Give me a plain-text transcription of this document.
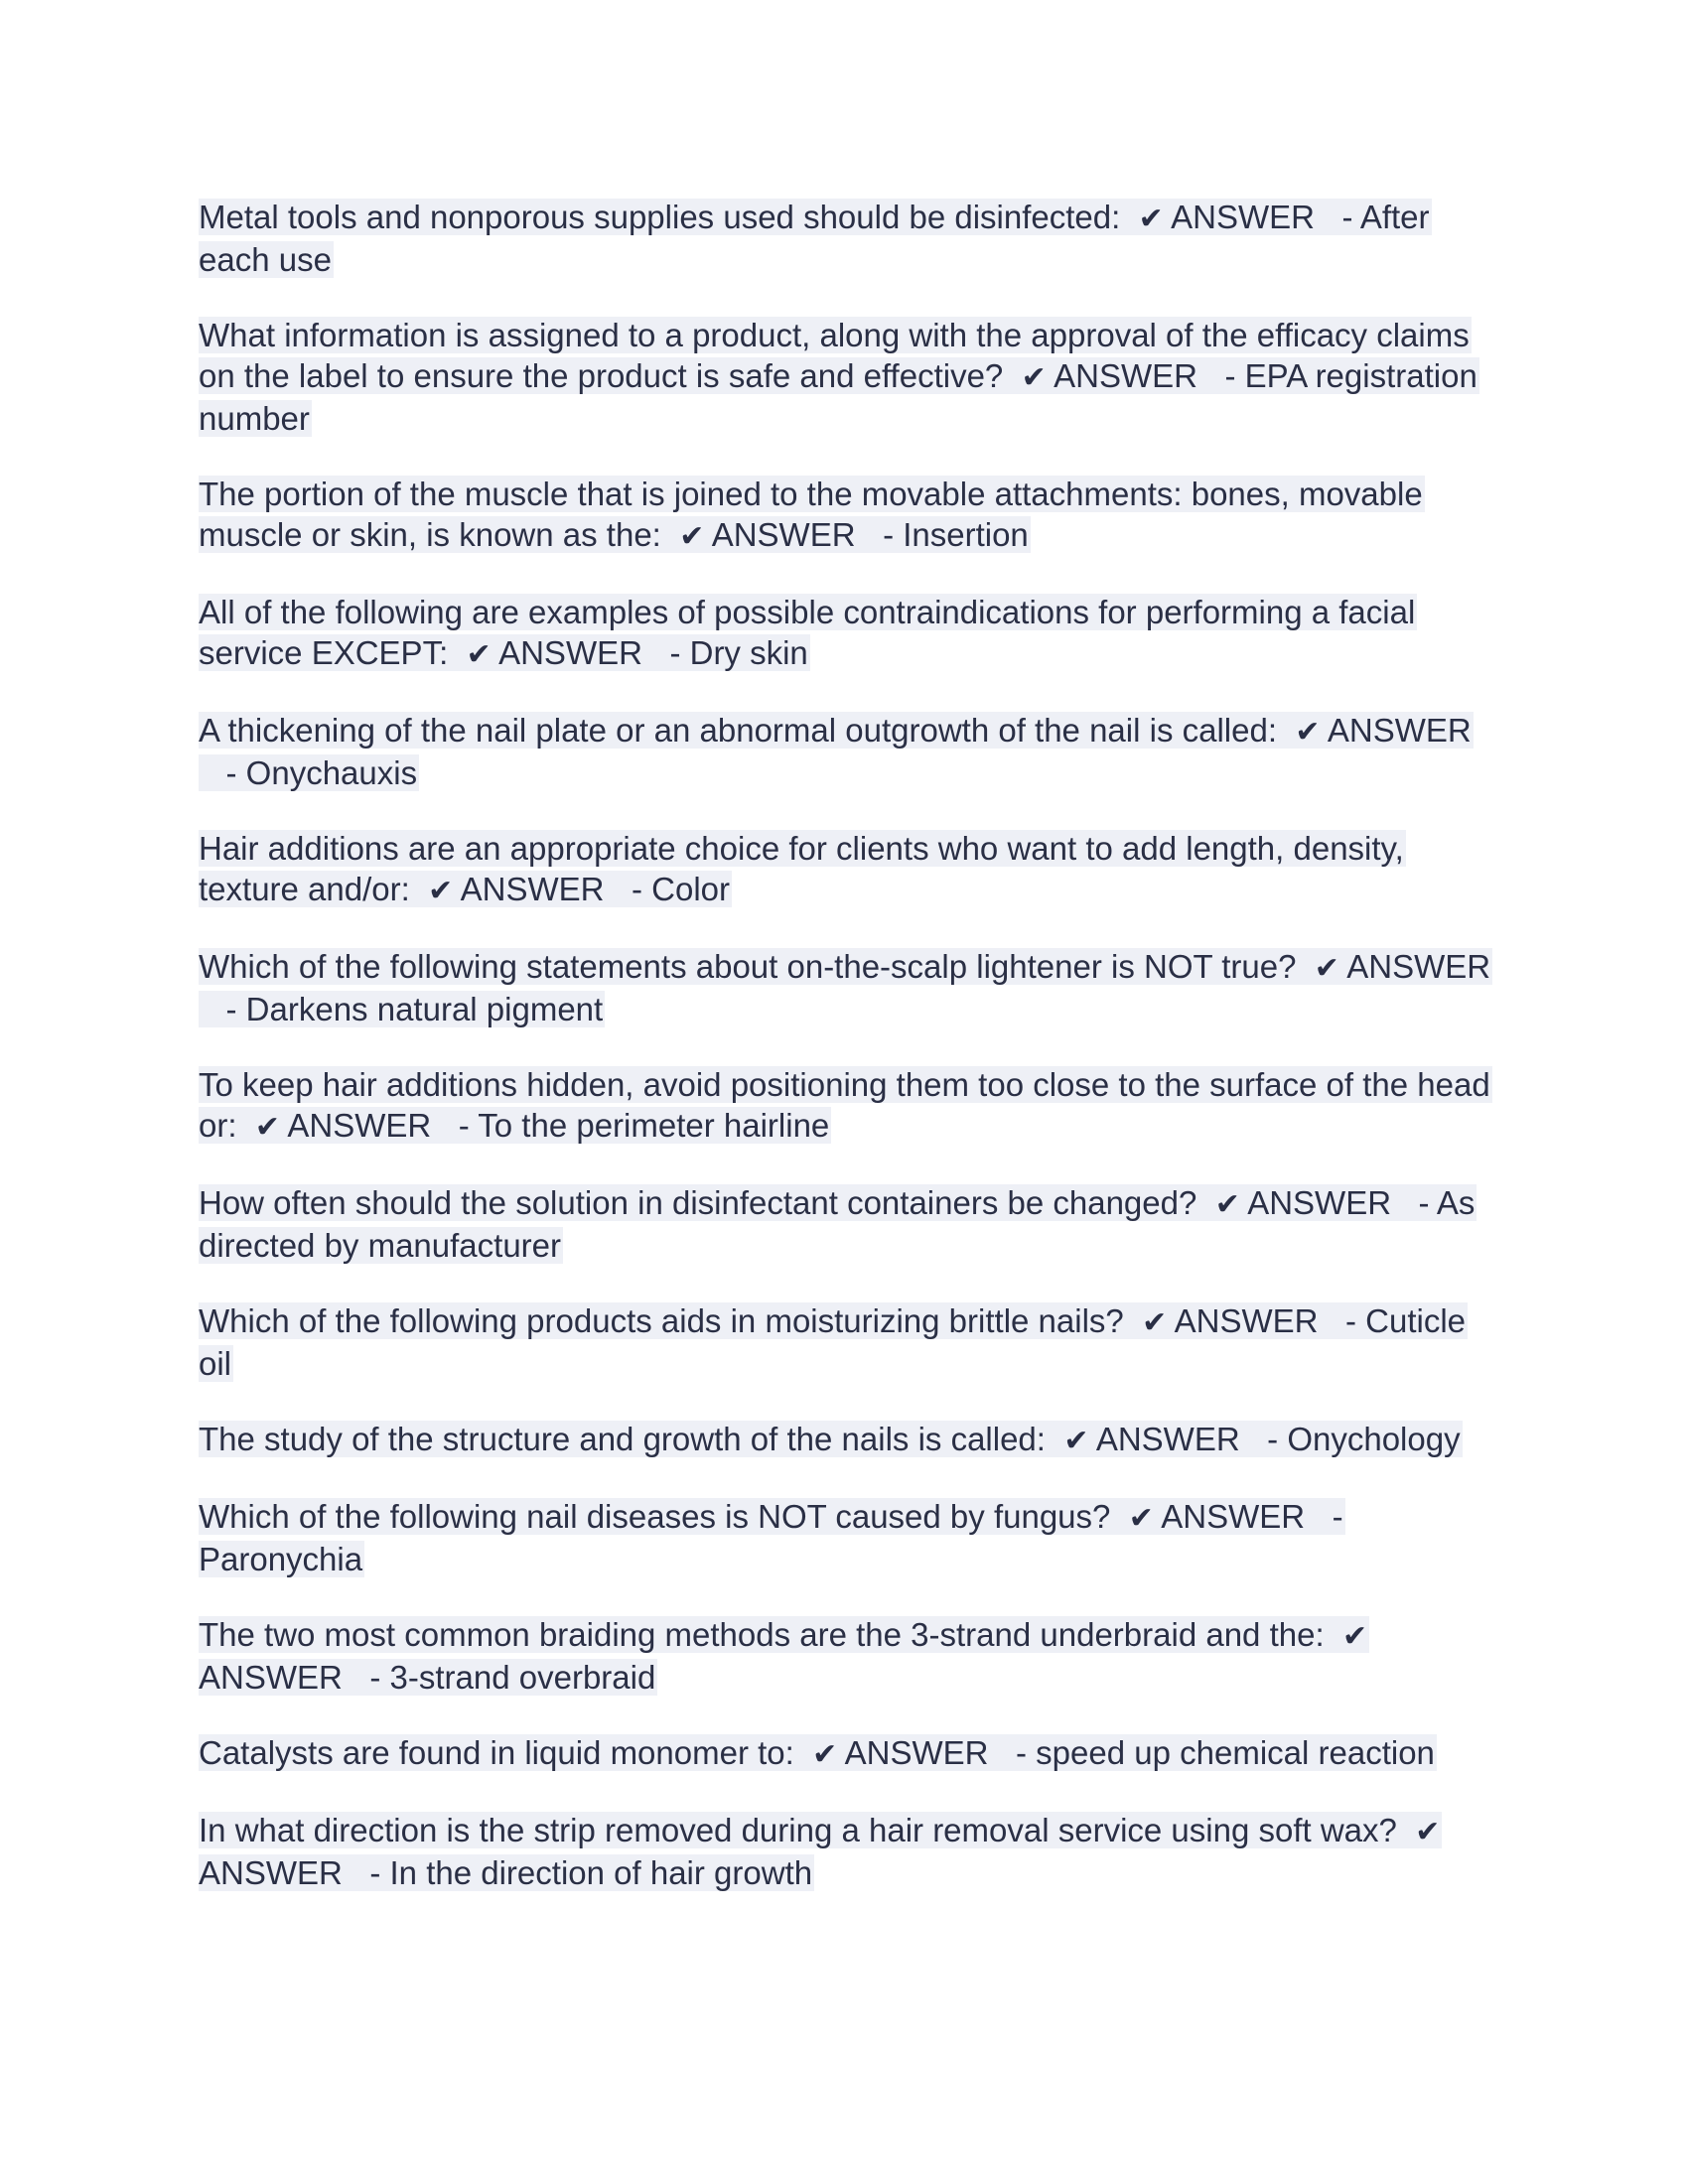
Metal tools and nonporous supplies used should be disinfected: ✔ ANSWER - After each use

What information is assigned to a product, along with the approval of the efficacy claims on the label to ensure the product is safe and effective? ✔ ANSWER - EPA registration number

The portion of the muscle that is joined to the movable attachments: bones, movable muscle or skin, is known as the: ✔ ANSWER - Insertion

All of the following are examples of possible contraindications for performing a facial service EXCEPT: ✔ ANSWER - Dry skin

A thickening of the nail plate or an abnormal outgrowth of the nail is called: ✔ ANSWER   - Onychauxis

Hair additions are an appropriate choice for clients who want to add length, density, texture and/or: ✔ ANSWER - Color

Which of the following statements about on-the-scalp lightener is NOT true? ✔ ANSWER   - Darkens natural pigment

To keep hair additions hidden, avoid positioning them too close to the surface of the head or: ✔ ANSWER - To the perimeter hairline

How often should the solution in disinfectant containers be changed? ✔ ANSWER - As directed by manufacturer

Which of the following products aids in moisturizing brittle nails? ✔ ANSWER - Cuticle oil

The study of the structure and growth of the nails is called: ✔ ANSWER - Onychology

Which of the following nail diseases is NOT caused by fungus? ✔ ANSWER - Paronychia

The two most common braiding methods are the 3-strand underbraid and the: ✔ ANSWER - 3-strand overbraid

Catalysts are found in liquid monomer to: ✔ ANSWER - speed up chemical reaction

In what direction is the strip removed during a hair removal service using soft wax? ✔ ANSWER - In the direction of hair growth
